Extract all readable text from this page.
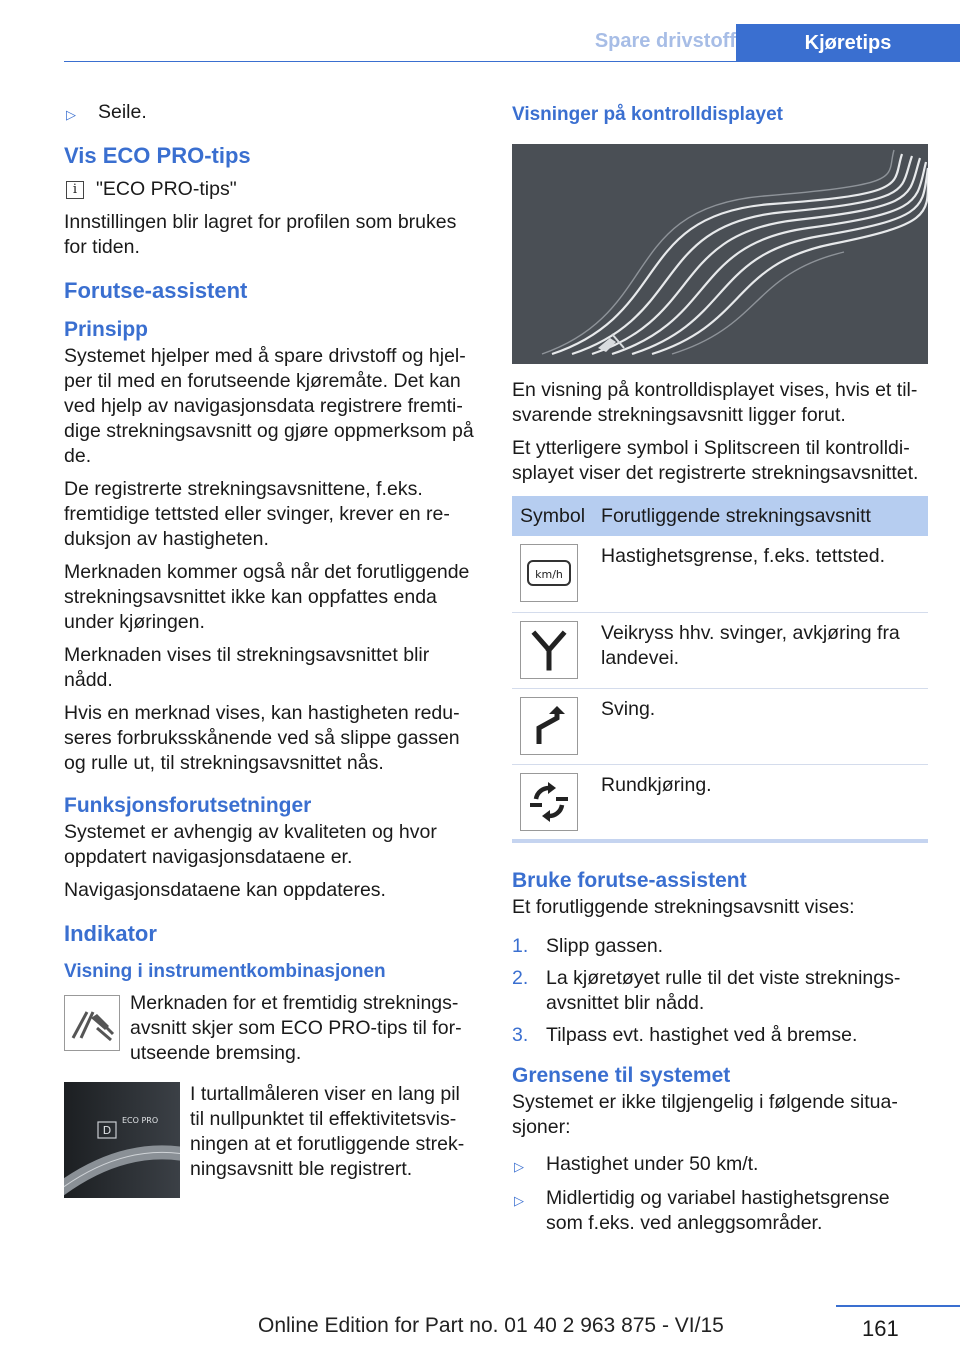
Spare drivstoff	Kjøretips
▷	Seile.
Vis ECO PRO-tips
i "ECO PRO-tips"

Innstillingen blir lagret for profilen som brukes for tiden.

Forutse-assistent
Prinsipp

Systemet hjelper med å spare drivstoff og hjelper til med en forutseende kjøremåte. Det kan ved hjelp av navigasjonsdata registrere fremtidige strekningsavsnitt og gjøre oppmerksom på de.

De registrerte strekningsavsnittene, f.eks. fremtidige tettsted eller svinger, krever en reduksjon av hastigheten.

Merknaden kommer også når det forutliggende strekningsavsnittet ikke kan oppfattes enda under kjøringen.

Merknaden vises til strekningsavsnittet blir nådd.

Hvis en merknad vises, kan hastigheten reduseres forbruksskånende ved så slippe gassen og rulle ut, til strekningsavsnittet nås.

Funksjonsforutsetninger

Systemet er avhengig av kvaliteten og hvor oppdatert navigasjonsdataene er.

Navigasjonsdataene kan oppdateres.

Indikator
Visning i instrumentkombinasjonen
Merknaden for et fremtidig strekningsavsnitt skjer som ECO PRO-tips til forutseende bremsing.
D
ECO PRO
I turtallmåleren viser en lang pil til nullpunktet til effektivitetsvisningen at et forutliggende strekningsavsnitt ble registrert.
Visninger på kontrolldisplayet

En visning på kontrolldisplayet vises, hvis et tilsvarende strekningsavsnitt ligger forut.

Et ytterligere symbol i Splitscreen til kontrolldisplayet viser det registrerte strekningsavsnittet.

Symbol	Forutliggende strekningsavsnitt

km/h	Hastighetsgrense, f.eks. tettsted.

	Veikryss hhv. svinger, avkjøring fra landevei.

	Sving.

	Rundkjøring.
Bruke forutse-assistent

Et forutliggende strekningsavsnitt vises:

1. Slipp gassen.
2. La kjøretøyet rulle til det viste strekningsavsnittet blir nådd.
3. Tilpass evt. hastighet ved å bremse.
Grensene til systemet

Systemet er ikke tilgjengelig i følgende situasjoner:

▷	Hastighet under 50 km/t.
▷	Midlertidig og variabel hastighetsgrense som f.eks. ved anleggsområder.
161
Online Edition for Part no. 01 40 2 963 875 - VI/15
